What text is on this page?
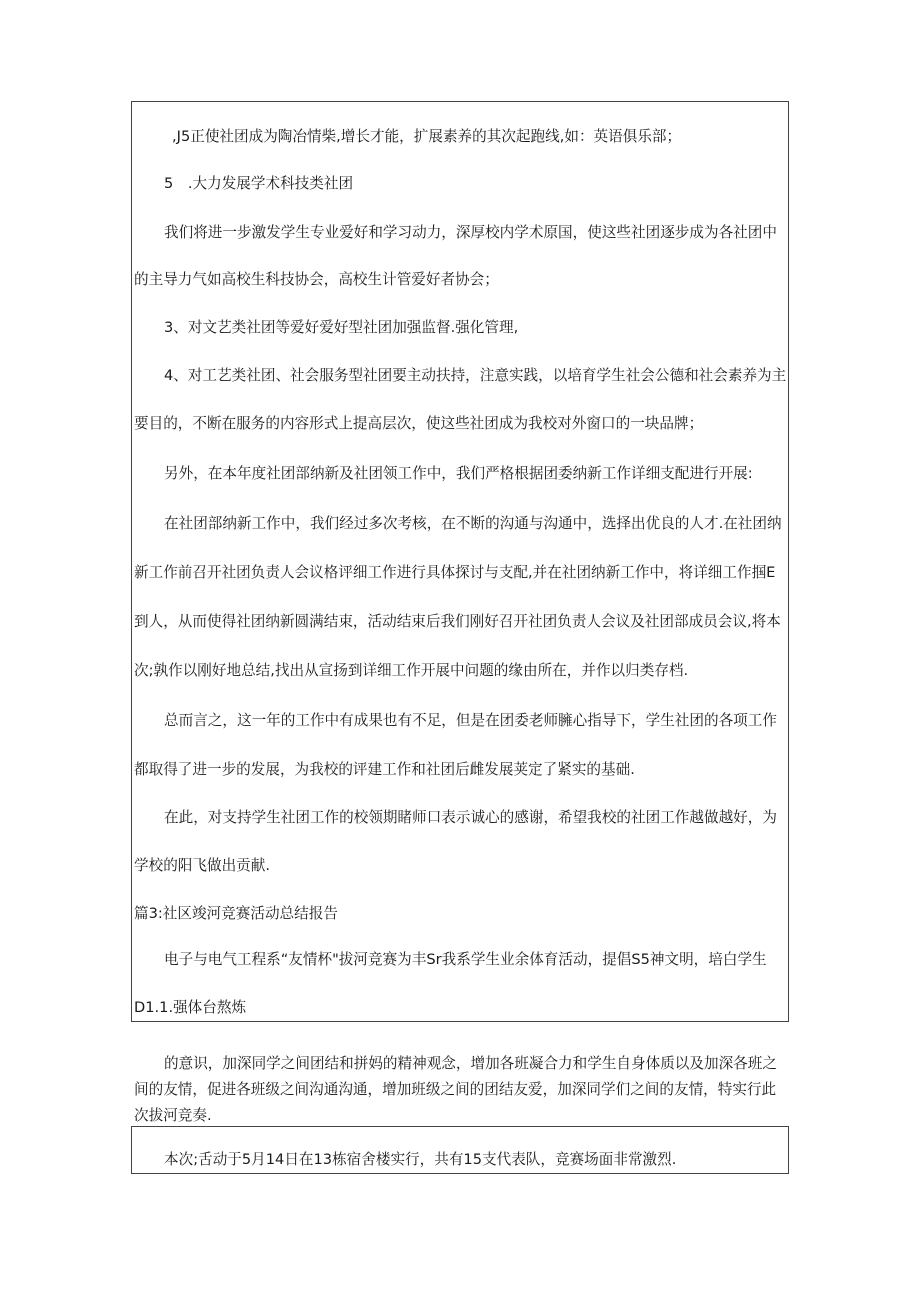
,J5正使社团成为陶冶情柴,增长才能，扩展素养的其次起跑线,如：英语俱乐部；
5　.大力发展学术科技类社团
我们将进一步激发学生专业爱好和学习动力，深厚校内学术原国，使这些社团逐步成为各社团中
的主导力气如高校生科技协会，高校生计管爱好者协会；
3、对文艺类社团等爱好爱好型社团加强监督.强化管理,
4、对工艺类社团、社会服务型社团要主动扶持，注意实践，以培育学生社会公德和社会素养为主
要目的，不断在服务的内容形式上提高层次，使这些社团成为我校对外窗口的一块品牌；
另外，在本年度社团部纳新及社团领工作中，我们严格根据团委纳新工作详细支配进行开展:
在社团部纳新工作中，我们经过多次考核，在不断的沟通与沟通中，选择出优良的人才.在社团纳
新工作前召开社团负责人会议格评细工作进行具体探讨与支配,并在社团纳新工作中，将详细工作掴E
到人，从而使得社团纳新圆满结束，活动结束后我们刚好召开社团负责人会议及社团部成员会议,将本
次;孰作以刚好地总结,找出从宣扬到详细工作开展中问题的缘由所在，并作以归类存档.
总而言之，这一年的工作中有成果也有不足，但是在团委老师臃心指导下，学生社团的各项工作
都取得了进一步的发展，为我校的评建工作和社团后雌发展荚定了紧实的基础.
在此，对支持学生社团工作的校领期睹师口表示诚心的感谢，希望我校的社团工作越做越好，为
学校的阳飞做出贡献.
篇3:社区竣河竞赛活动总结报告
电子与电气工程系“友情杯"拔河竞赛为丰Sr我系学生业余体育活动，提倡S5神文明，培白学生
D1.1.强体台熬炼
的意识，加深同学之间团结和拼妈的精神观念，增加各班凝合力和学生自身体质以及加深各班之
间的友情，促进各班级之间沟通沟通，增加班级之间的团结友爱，加深同学们之间的友情，特实行此
次拔河竞奏.
本次;舌动于5月14日在13栋宿舍楼实行，共有15支代表队，竞赛场面非常激烈.
